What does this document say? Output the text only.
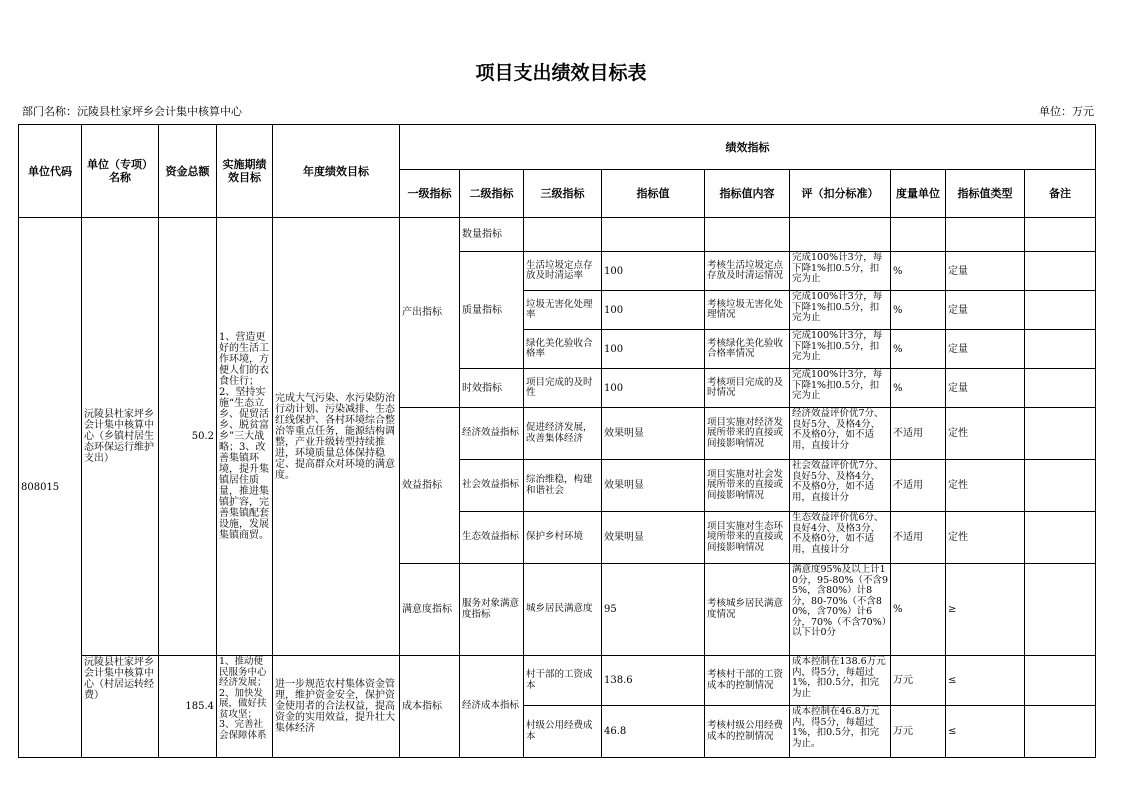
项目支出绩效目标表
部门名称：沅陵县杜家坪乡会计集中核算中心	单位：万元
单位代码	单位（专项）名称	资金总额	实施期绩效目标	年度绩效目标	绩效指标								
					一级指标	二级指标	三级指标	指标值	指标值内容	评（扣分标准）	度量单位	指标值类型	备注
808015	沅陵县杜家坪乡会计集中核算中心（乡镇村居生态环保运行维护支出）	50.2	1、营造更好的生活工作环境，方便人们的衣食住行；2、坚持实施“生态立乡、促贸活乡、脱贫富乡”三大战略；3、改善集镇环境，提升集镇居住质量，推进集镇扩容，完善集镇配套设施，发展集镇商贸。	完成大气污染、水污染防治行动计划、污染减排、生态红线保护、各村环境综合整治等重点任务，能源结构调整，产业升级转型持续推进，环境质量总体保持稳定、提高群众对环境的满意度。	产出指标	数量指标							
						质量指标	生活垃圾定点存放及时清运率	100	考核生活垃圾定点存放及时清运情况	完成100%计3分，每下降1%扣0.5分，扣完为止	%	定量	
							垃圾无害化处理率	100	考核垃圾无害化处理情况	完成100%计3分，每下降1%扣0.5分，扣完为止	%	定量	
							绿化美化验收合格率	100	考核绿化美化验收合格率情况	完成100%计3分，每下降1%扣0.5分，扣完为止	%	定量	
						时效指标	项目完成的及时性	100	考核项目完成的及时情况	完成100%计3分，每下降1%扣0.5分，扣完为止	%	定量	
					效益指标	经济效益指标	促进经济发展，改善集体经济	效果明显	项目实施对经济发展所带来的直接或间接影响情况	经济效益评价优7分、良好5分、及格4分、不及格0分，如不适用，直接计分	不适用	定性	
						社会效益指标	综治维稳，构建和谐社会	效果明显	项目实施对社会发展所带来的直接或间接影响情况	社会效益评价优7分、良好5分、及格4分、不及格0分，如不适用，直接计分	不适用	定性	
						生态效益指标	保护乡村环境	效果明显	项目实施对生态环境所带来的直接或间接影响情况	生态效益评价优6分、良好4分、及格3分、不及格0分，如不适用，直接计分	不适用	定性	
					满意度指标	服务对象满意度指标	城乡居民满意度	95	考核城乡居民满意度情况	满意度95%及以上计10分，95-80%（不含95%，含80%）计8分，80-70%（不含80%，含70%）计6分，70%（不含70%）以下计0分	%	≥	
	沅陵县杜家坪乡会计集中核算中心（村居运转经费）	185.4	1、推动便民服务中心经济发展；2、加快发展，做好扶贫攻坚；3、完善社会保障体系	进一步规范农村集体资金管理，维护资金安全，保护资金使用者的合法权益，提高资金的实用效益，提升壮大集体经济	成本指标	经济成本指标	村干部的工资成本	138.6	考核村干部的工资成本的控制情况	成本控制在138.6万元内，得5分，每超过1%，扣0.5分，扣完为止	万元	≤	
							村级公用经费成本	46.8	考核村级公用经费成本的控制情况	成本控制在46.8万元内，得5分，每超过1%，扣0.5分，扣完为止。	万元	≤	
